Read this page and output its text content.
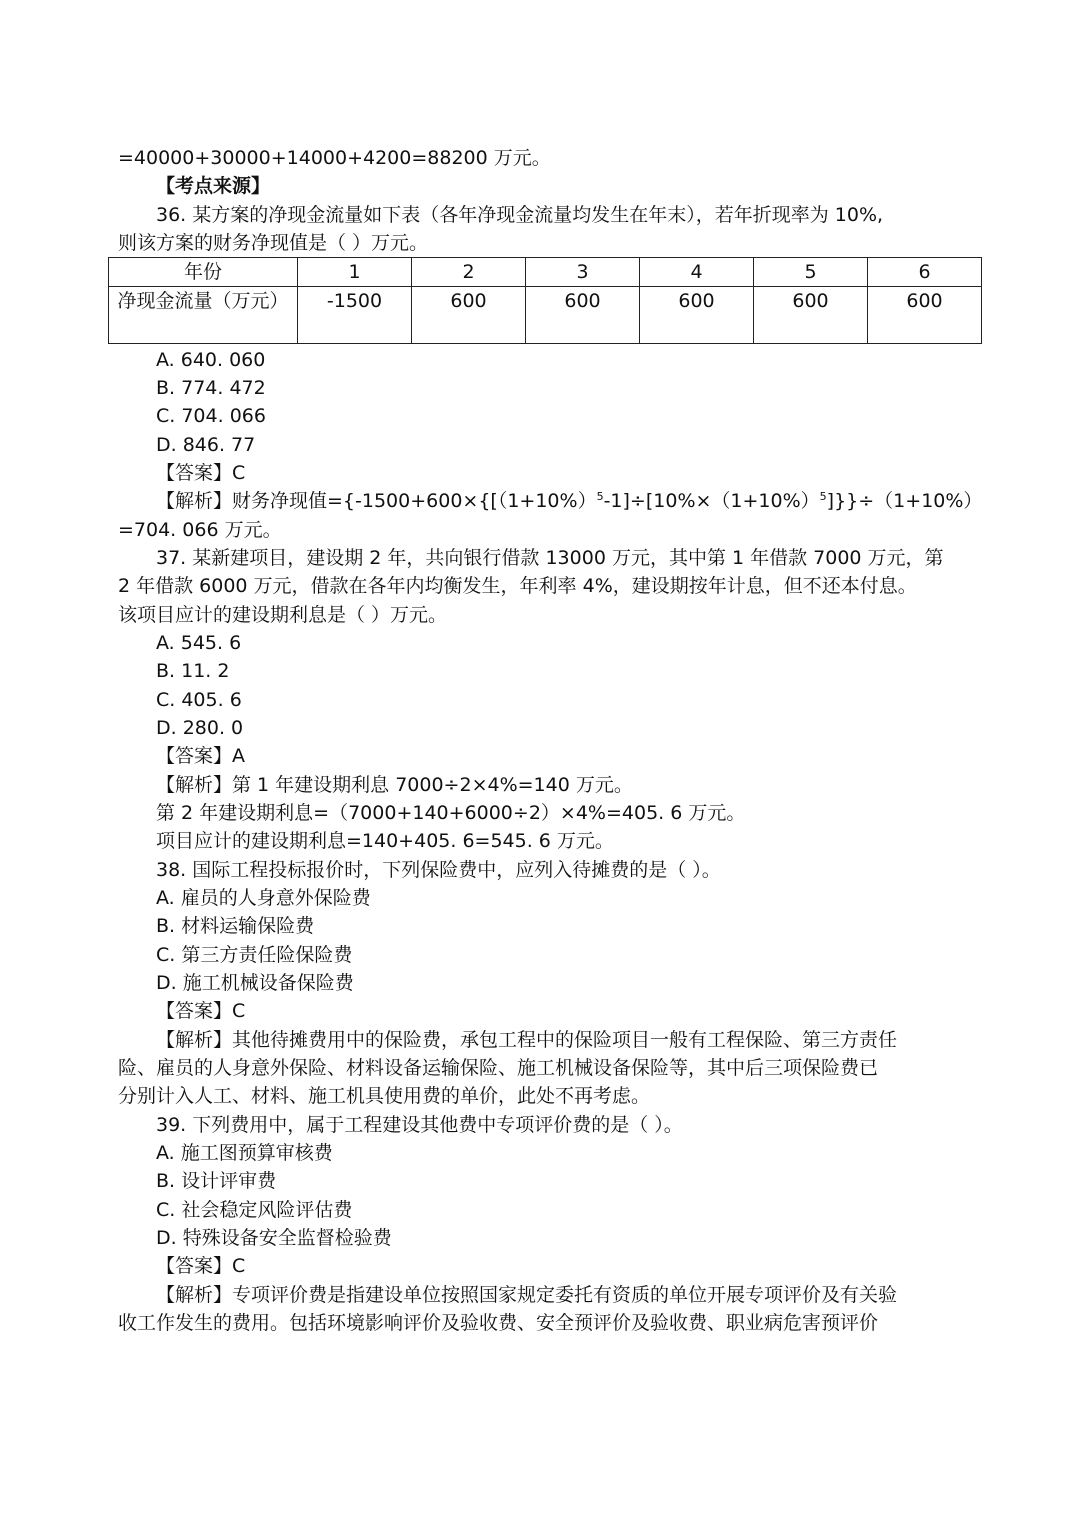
=40000+30000+14000+4200=88200 万元。
【考点来源】
36. 某方案的净现金流量如下表（各年净现金流量均发生在年末），若年折现率为 10%,
则该方案的财务净现值是（ ）万元。
年份	1	2	3	4	5	6
净现金流量（万元）	-1500	600	600	600	600	600
A. 640. 060
B. 774. 472
C. 704. 066
D. 846. 77
【答案】C
【解析】财务净现值$=\{-1500+600\times\{[(1+10\%)^5-1]\div[10\%\times(1+10\%)^5]\}\}\div(1+10\%)$
=704. 066 万元。
37. 某新建项目，建设期 2 年，共向银行借款 13000 万元，其中第 1 年借款 7000 万元，第
2 年借款 6000 万元，借款在各年内均衡发生，年利率 4%，建设期按年计息，但不还本付息。
该项目应计的建设期利息是（ ）万元。
A. 545. 6
B. 11. 2
C. 405. 6
D. 280. 0
【答案】A
【解析】第 1 年建设期利息 7000÷2×4%=140 万元。
第 2 年建设期利息=（7000+140+6000÷2）×4%=405. 6 万元。
项目应计的建设期利息=140+405. 6=545. 6 万元。
38. 国际工程投标报价时，下列保险费中，应列入待摊费的是（ ）。
A. 雇员的人身意外保险费
B. 材料运输保险费
C. 第三方责任险保险费
D. 施工机械设备保险费
【答案】C
【解析】其他待摊费用中的保险费，承包工程中的保险项目一般有工程保险、第三方责任
险、雇员的人身意外保险、材料设备运输保险、施工机械设备保险等，其中后三项保险费已
分别计入人工、材料、施工机具使用费的单价，此处不再考虑。
39. 下列费用中，属于工程建设其他费中专项评价费的是（ ）。
A. 施工图预算审核费
B. 设计评审费
C. 社会稳定风险评估费
D. 特殊设备安全监督检验费
【答案】C
【解析】专项评价费是指建设单位按照国家规定委托有资质的单位开展专项评价及有关验
收工作发生的费用。包括环境影响评价及验收费、安全预评价及验收费、职业病危害预评价
